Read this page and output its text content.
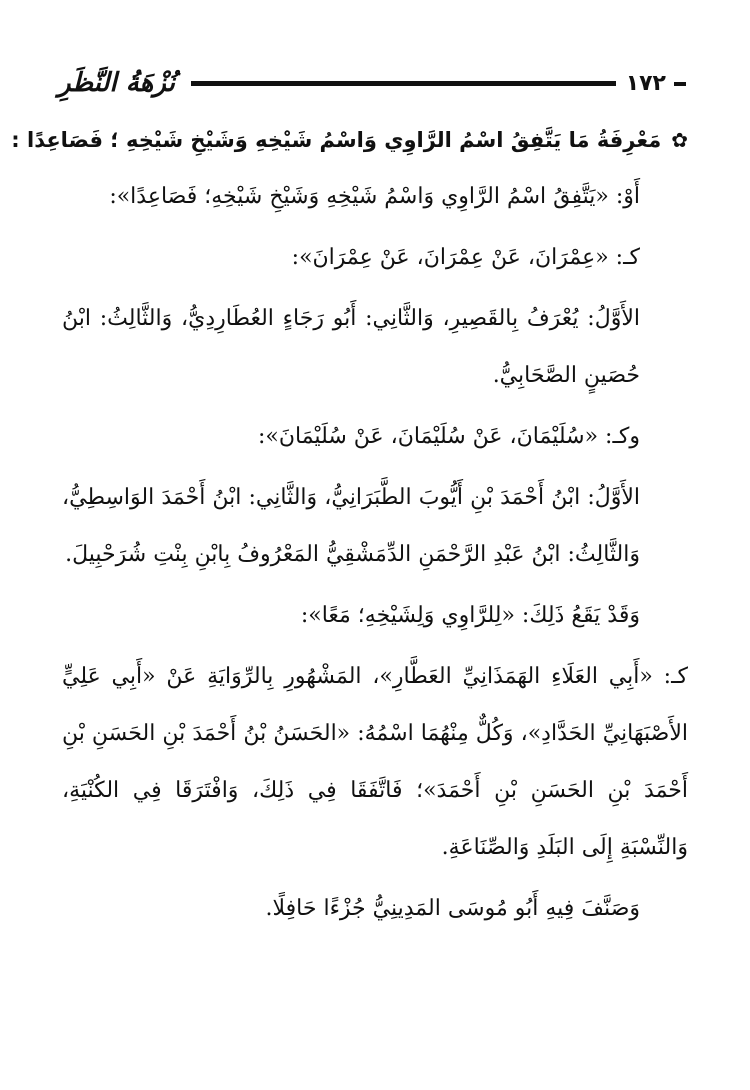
نُزْهَةُ النَّظَرِ	١٧٢
✿
مَعْرِفَةُ مَا يَتَّفِقُ اسْمُ الرَّاوِي وَاسْمُ شَيْخِهِ وَشَيْخِ شَيْخِهِ ؛ فَصَاعِدًا :
أَوْ: «يَتَّفِقُ اسْمُ الرَّاوِي وَاسْمُ شَيْخِهِ وَشَيْخِ شَيْخِهِ؛ فَصَاعِدًا»:
كـ: «عِمْرَانَ، عَنْ عِمْرَانَ، عَنْ عِمْرَانَ»:
الأَوَّلُ: يُعْرَفُ بِالقَصِيرِ، وَالثَّانِي: أَبُو رَجَاءٍ العُطَارِدِيُّ، وَالثَّالِثُ: ابْنُ حُصَينٍ الصَّحَابِيُّ.
وكـ: «سُلَيْمَانَ، عَنْ سُلَيْمَانَ، عَنْ سُلَيْمَانَ»:
الأَوَّلُ: ابْنُ أَحْمَدَ بْنِ أَيُّوبَ الطَّبَرَانِيُّ، وَالثَّانِي: ابْنُ أَحْمَدَ الوَاسِطِيُّ، وَالثَّالِثُ: ابْنُ عَبْدِ الرَّحْمَنِ الدِّمَشْقِيُّ المَعْرُوفُ بِابْنِ بِنْتِ شُرَحْبِيلَ.
وَقَدْ يَقَعُ ذَلِكَ: «لِلرَّاوِي وَلِشَيْخِهِ؛ مَعًا»:
كـ: «أَبِي العَلَاءِ الهَمَذَانِيِّ العَطَّارِ»، المَشْهُورِ بِالرِّوَايَةِ عَنْ «أَبِي عَلِيٍّ الأَصْبَهَانِيِّ الحَدَّادِ»، وَكُلٌّ مِنْهُمَا اسْمُهُ: «الحَسَنُ بْنُ أَحْمَدَ بْنِ الحَسَنِ بْنِ أَحْمَدَ بْنِ الحَسَنِ بْنِ أَحْمَدَ»؛ فَاتَّفَقَا فِي ذَلِكَ، وَافْتَرَقَا فِي الكُنْيَةِ، وَالنِّسْبَةِ إِلَى البَلَدِ وَالصِّنَاعَةِ.
وَصَنَّفَ فِيهِ أَبُو مُوسَى المَدِينِيُّ جُزْءًا حَافِلًا.
